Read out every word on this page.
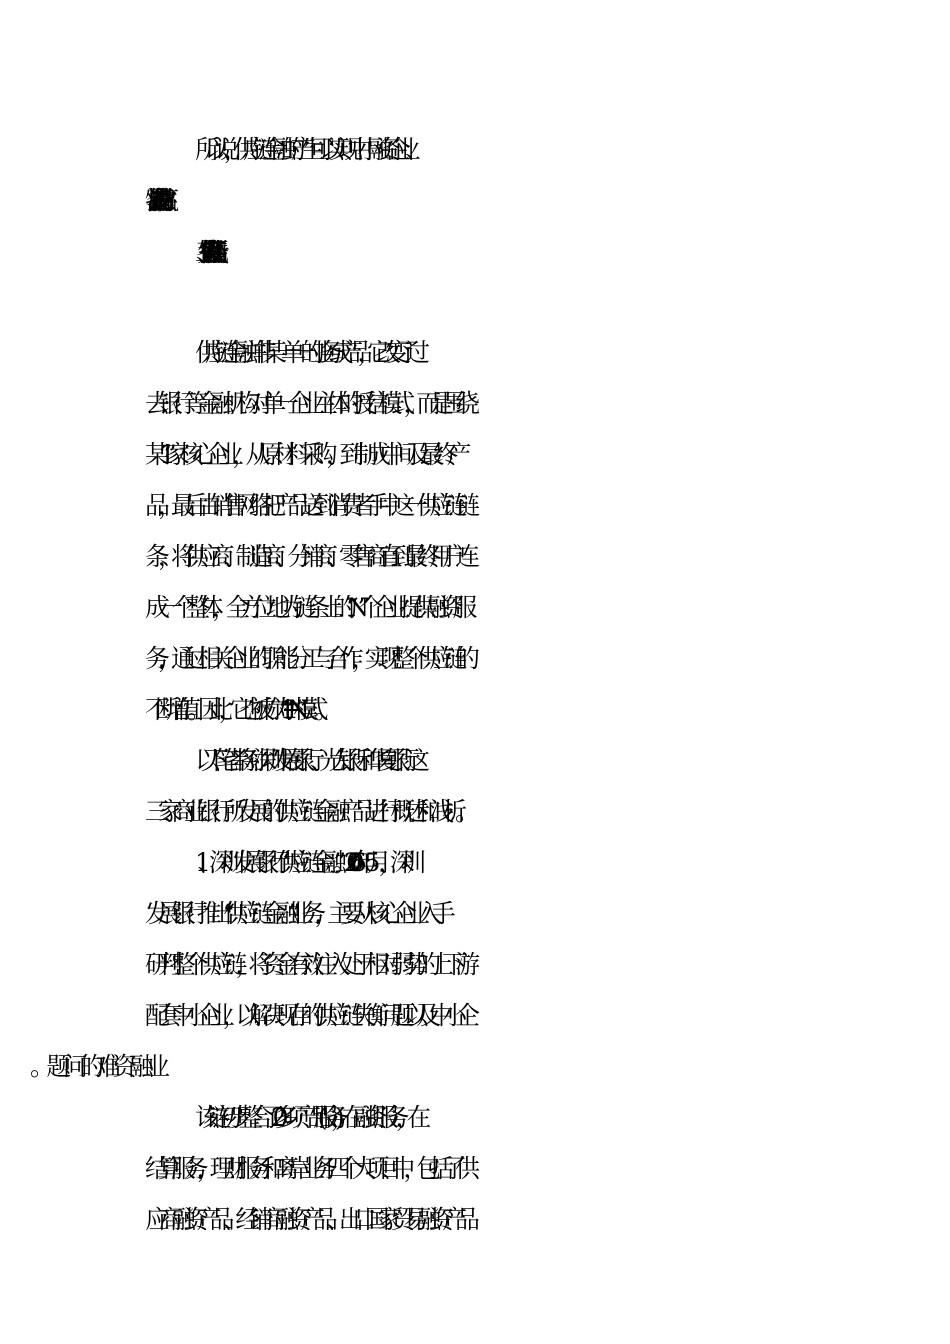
所以说，供应链金融的产生可以实现中小融资企业、
物流企业及银行的三方共赢。
三、各大银行供应链金融产品浅析
供应链金融并非某一单一的业务或产品，它改变了过
去银行等金融机构对单一企业主体的授信模式，而是围绕
某“1”家核心企业，从原材料采购，到制成中间及最终产
品，最后由销售网络把产品送到消费者手中这一供应链链
条，将供应商、制造商、分销商、零售商直到最终用户连
成一个整体，全方位地为链条上的“N”个企业提供融资服
务，通过相关企业的职能分工与合作，实现整个供应链的
不断增值。因此，它也被称为“1+N”模式。
以下笔者将对深圳发展银行、光大银行和华夏银行这
三家商业银行所发展的供应链金融产品进行概述和浅析。
1、深圳发展银行“供应链金融”。2006年5月，深圳
发展银行推出“供应链金融”业务，主要从核心企业入手
研判整个供应链，将资金有效注入处于相对弱势的上下游
配套中小企业，以解决现存的供应链失衡问题以及中小企
该链初步整合了20多项产品(服务)，在融资服务，在
结算服务，理财服务和离岸业务四个大项目中，包括了供
应商融资产品、经销商融资产品、出口国家贸易融资产品
